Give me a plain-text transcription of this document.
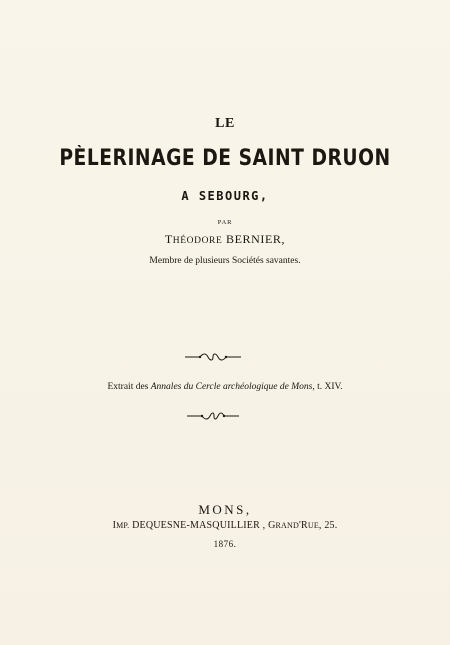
LE
PÈLERINAGE DE SAINT DRUON
A SEBOURG,
PAR
THÉODORE BERNIER,
Membre de plusieurs Sociétés savantes.
Extrait des Annales du Cercle archéologique de Mons, t. XIV.
MONS,
IMP. DEQUESNE-MASQUILLIER , GRAND'RUE, 25.
1876.
